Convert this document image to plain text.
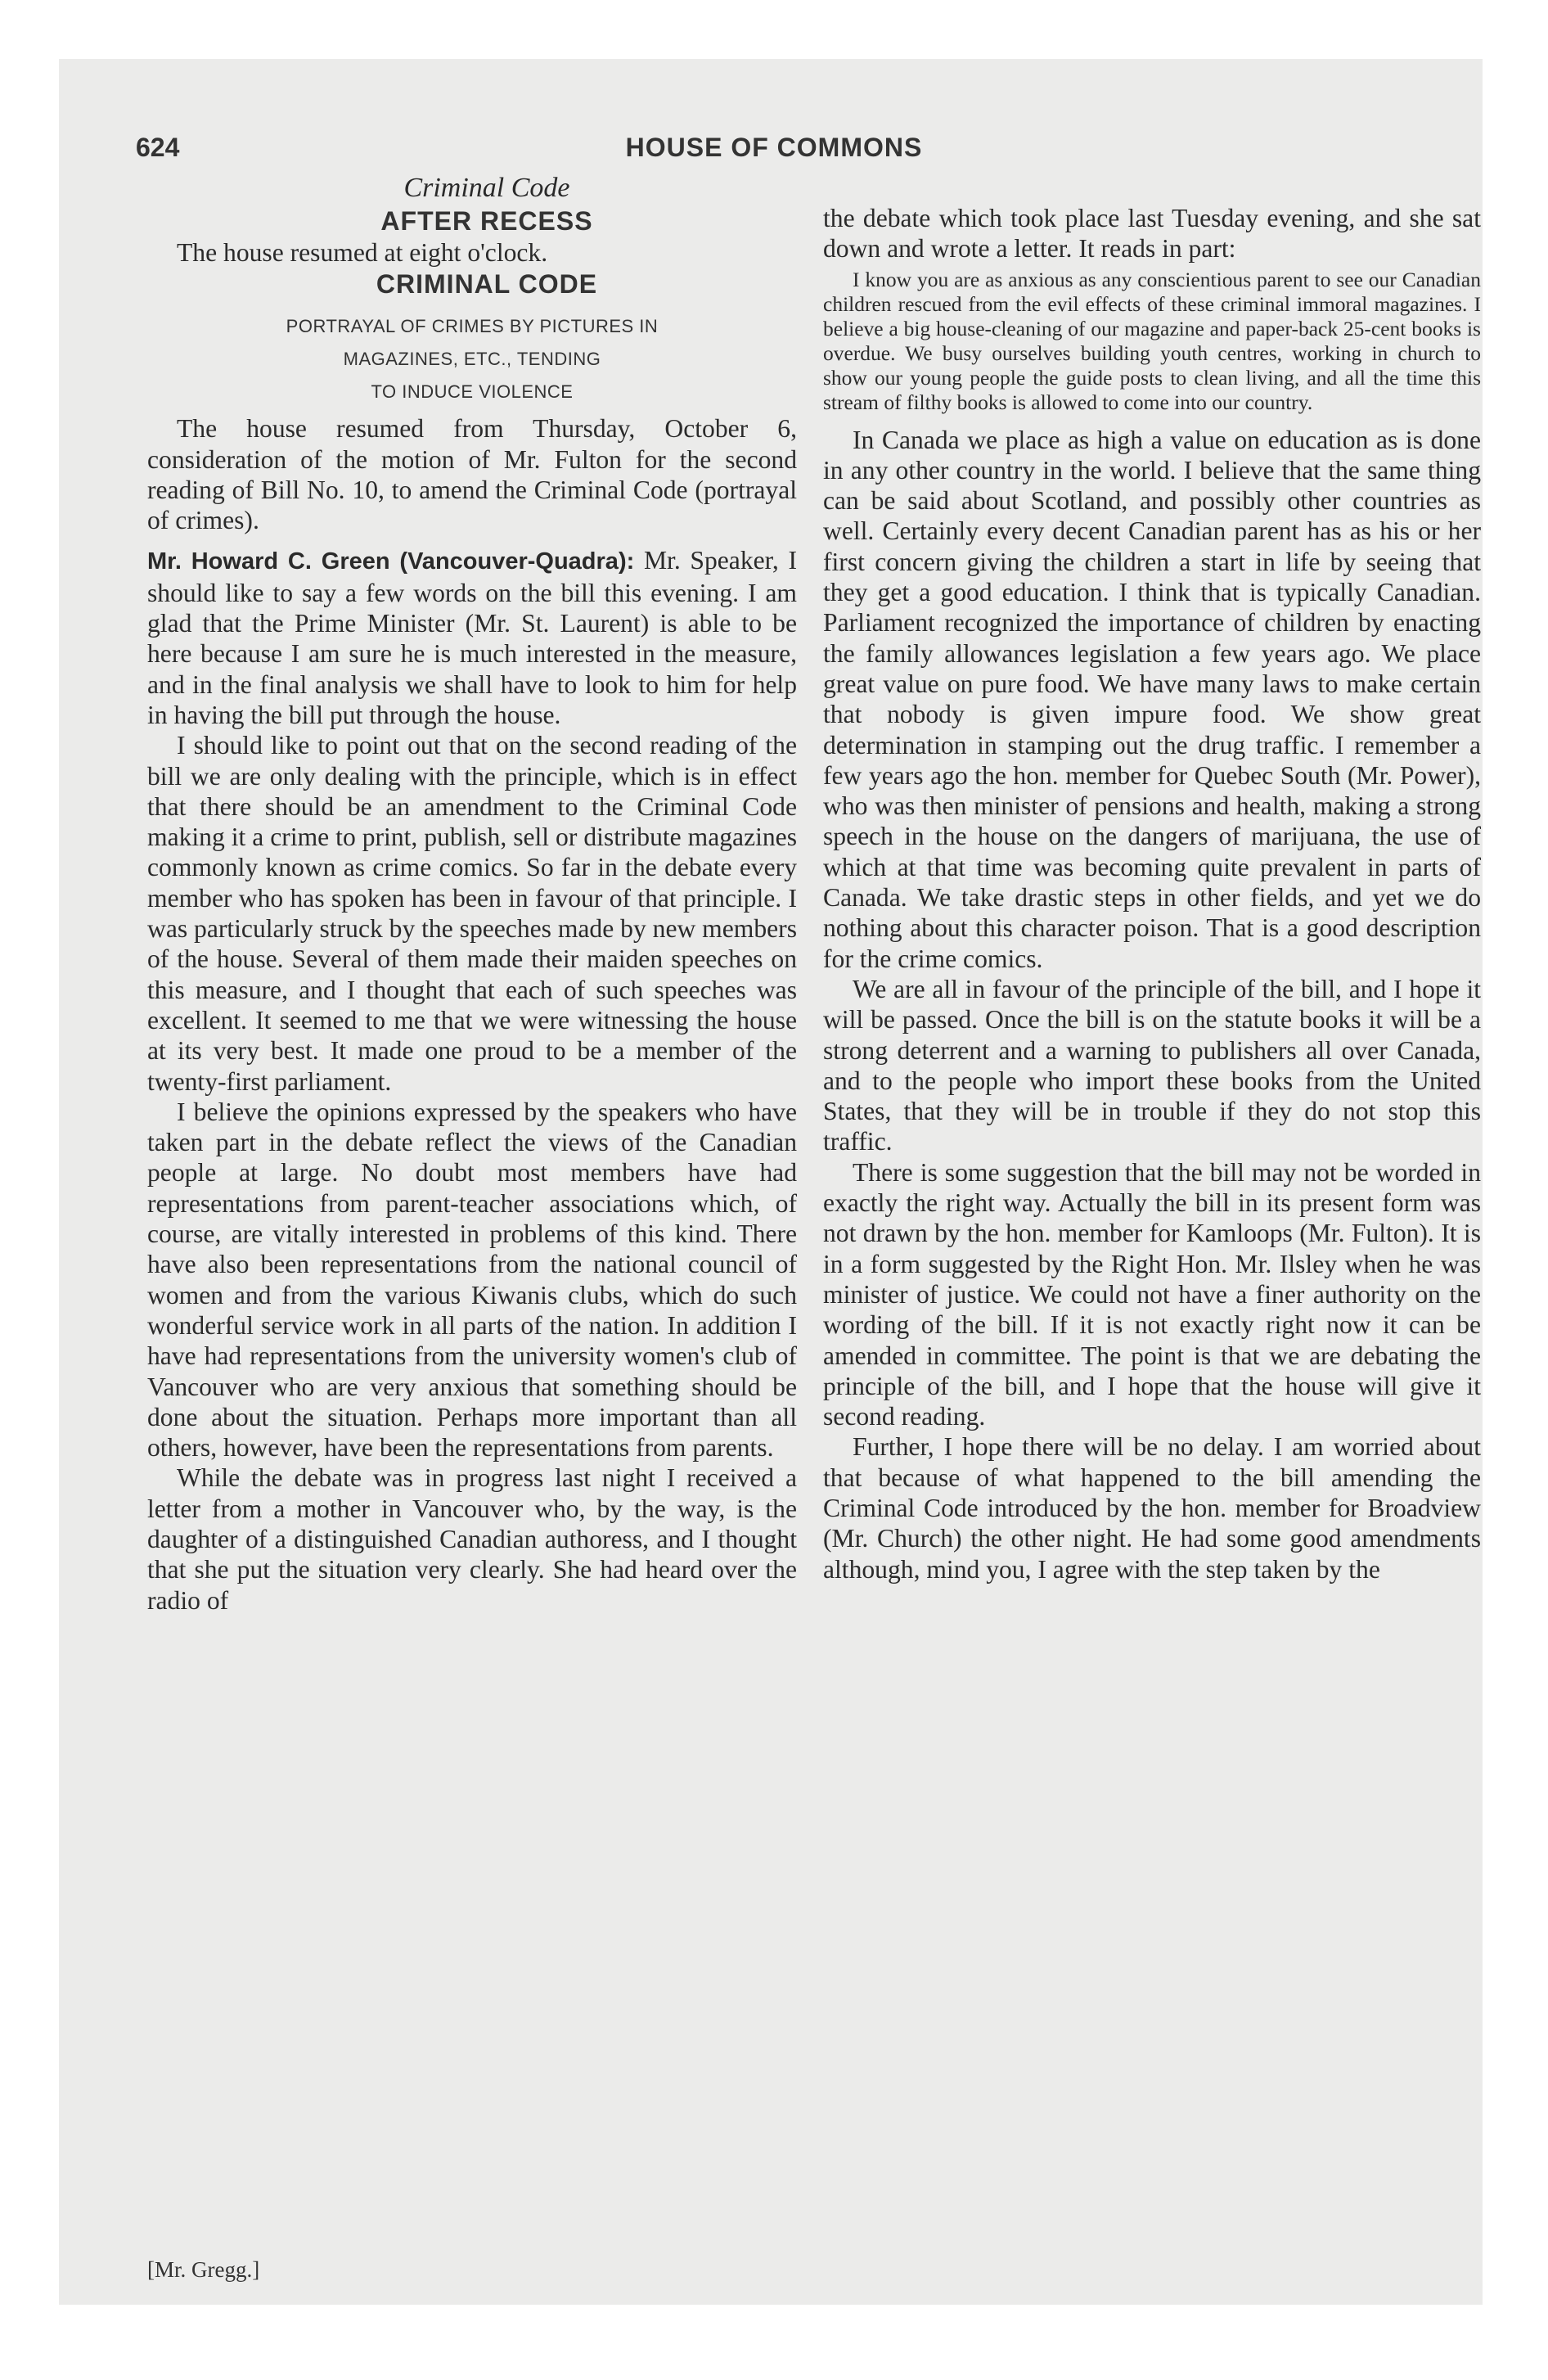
624	HOUSE OF COMMONS

Criminal Code

AFTER RECESS

The house resumed at eight o'clock.

CRIMINAL CODE

PORTRAYAL OF CRIMES BY PICTURES IN
MAGAZINES, ETC., TENDING
TO INDUCE VIOLENCE

The house resumed from Thursday, October 6, consideration of the motion of Mr. Fulton for the second reading of Bill No. 10, to amend the Criminal Code (portrayal of crimes).

Mr. Howard C. Green (Vancouver-Quadra): Mr. Speaker, I should like to say a few words on the bill this evening. I am glad that the Prime Minister (Mr. St. Laurent) is able to be here because I am sure he is much interested in the measure, and in the final analysis we shall have to look to him for help in having the bill put through the house.

I should like to point out that on the second reading of the bill we are only dealing with the principle, which is in effect that there should be an amendment to the Criminal Code making it a crime to print, publish, sell or distribute magazines commonly known as crime comics. So far in the debate every member who has spoken has been in favour of that principle. I was particularly struck by the speeches made by new members of the house. Several of them made their maiden speeches on this measure, and I thought that each of such speeches was excellent. It seemed to me that we were witnessing the house at its very best. It made one proud to be a member of the twenty-first parliament.

I believe the opinions expressed by the speakers who have taken part in the debate reflect the views of the Canadian people at large. No doubt most members have had representations from parent-teacher associations which, of course, are vitally interested in problems of this kind. There have also been representations from the national council of women and from the various Kiwanis clubs, which do such wonderful service work in all parts of the nation. In addition I have had representations from the university women's club of Vancouver who are very anxious that something should be done about the situation. Perhaps more important than all others, however, have been the representations from parents.

While the debate was in progress last night I received a letter from a mother in Vancouver who, by the way, is the daughter of a distinguished Canadian authoress, and I thought that she put the situation very clearly. She had heard over the radio of

the debate which took place last Tuesday evening, and she sat down and wrote a letter. It reads in part:

I know you are as anxious as any conscientious parent to see our Canadian children rescued from the evil effects of these criminal immoral magazines. I believe a big house-cleaning of our magazine and paper-back 25-cent books is overdue. We busy ourselves building youth centres, working in church to show our young people the guide posts to clean living, and all the time this stream of filthy books is allowed to come into our country.

In Canada we place as high a value on education as is done in any other country in the world. I believe that the same thing can be said about Scotland, and possibly other countries as well. Certainly every decent Canadian parent has as his or her first concern giving the children a start in life by seeing that they get a good education. I think that is typically Canadian. Parliament recognized the importance of children by enacting the family allowances legislation a few years ago. We place great value on pure food. We have many laws to make certain that nobody is given impure food. We show great determination in stamping out the drug traffic. I remember a few years ago the hon. member for Quebec South (Mr. Power), who was then minister of pensions and health, making a strong speech in the house on the dangers of marijuana, the use of which at that time was becoming quite prevalent in parts of Canada. We take drastic steps in other fields, and yet we do nothing about this character poison. That is a good description for the crime comics.

We are all in favour of the principle of the bill, and I hope it will be passed. Once the bill is on the statute books it will be a strong deterrent and a warning to publishers all over Canada, and to the people who import these books from the United States, that they will be in trouble if they do not stop this traffic.

There is some suggestion that the bill may not be worded in exactly the right way. Actually the bill in its present form was not drawn by the hon. member for Kamloops (Mr. Fulton). It is in a form suggested by the Right Hon. Mr. Ilsley when he was minister of justice. We could not have a finer authority on the wording of the bill. If it is not exactly right now it can be amended in committee. The point is that we are debating the principle of the bill, and I hope that the house will give it second reading.

Further, I hope there will be no delay. I am worried about that because of what happened to the bill amending the Criminal Code introduced by the hon. member for Broadview (Mr. Church) the other night. He had some good amendments although, mind you, I agree with the step taken by the

[Mr. Gregg.]
